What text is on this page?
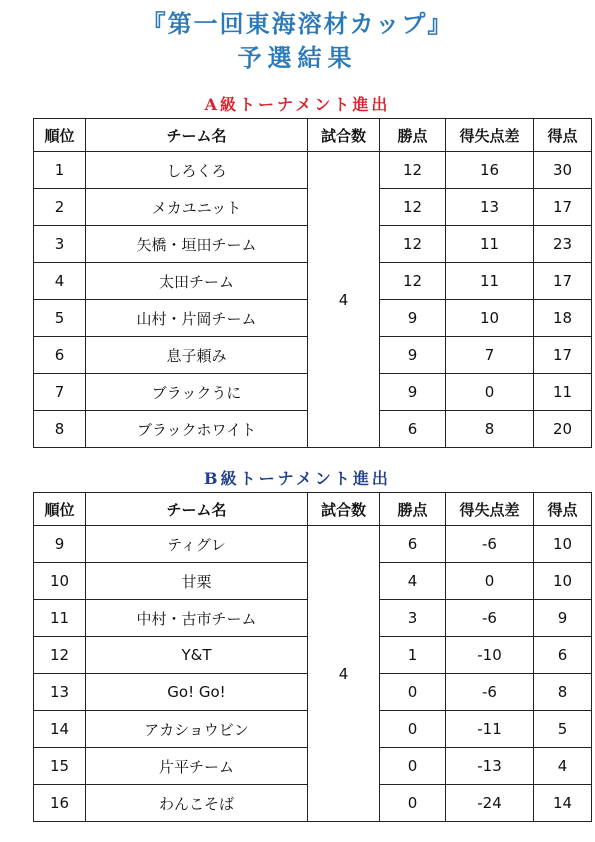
『第一回東海溶材カップ』
予選結果
A級トーナメント進出
順位	チーム名	試合数	勝点	得失点差	得点
1	しろくろ	4	12	16	30
2	メカユニット		12	13	17
3	矢橋・垣田チーム		12	11	23
4	太田チーム		12	11	17
5	山村・片岡チーム		9	10	18
6	息子頼み		9	7	17
7	ブラックうに		9	0	11
8	ブラックホワイト		6	8	20
B級トーナメント進出
順位	チーム名	試合数	勝点	得失点差	得点
9	ティグレ	4	6	-6	10
10	甘栗		4	0	10
11	中村・古市チーム		3	-6	9
12	Y&T		1	-10	6
13	Go! Go!		0	-6	8
14	アカショウビン		0	-11	5
15	片平チーム		0	-13	4
16	わんこそば		0	-24	14
